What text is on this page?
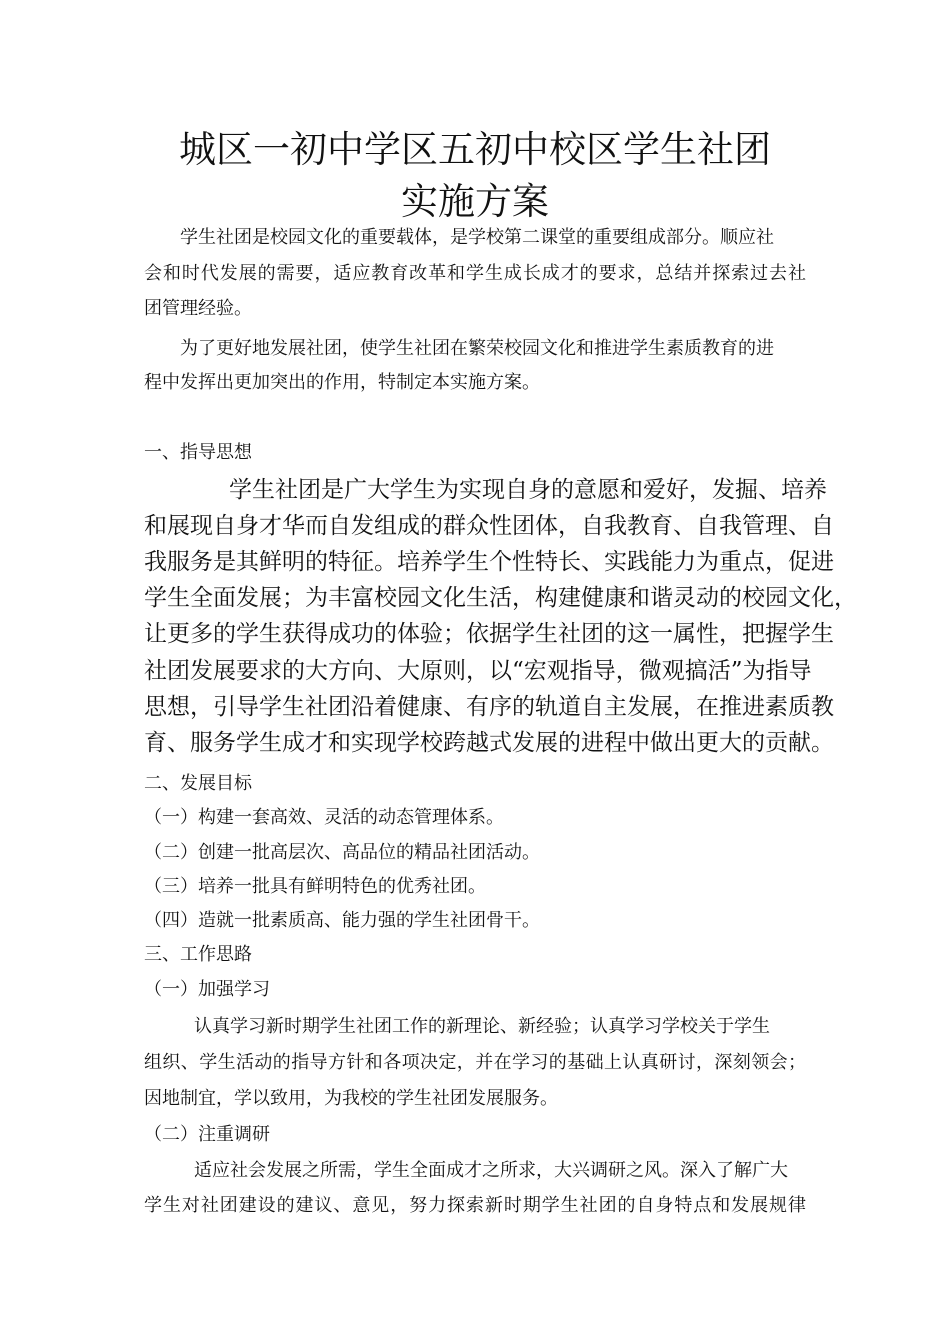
城区一初中学区五初中校区学生社团
实施方案
学生社团是校园文化的重要载体，是学校第二课堂的重要组成部分。顺应社
会和时代发展的需要，适应教育改革和学生成长成才的要求，总结并探索过去社
团管理经验。
为了更好地发展社团，使学生社团在繁荣校园文化和推进学生素质教育的进
程中发挥出更加突出的作用，特制定本实施方案。
一、指导思想
学生社团是广大学生为实现自身的意愿和爱好，发掘、培养
和展现自身才华而自发组成的群众性团体，自我教育、自我管理、自
我服务是其鲜明的特征。培养学生个性特长、实践能力为重点，促进
学生全面发展；为丰富校园文化生活，构建健康和谐灵动的校园文化，
让更多的学生获得成功的体验；依据学生社团的这一属性，把握学生
社团发展要求的大方向、大原则，以“宏观指导，微观搞活”为指导
思想，引导学生社团沿着健康、有序的轨道自主发展，在推进素质教
育、服务学生成才和实现学校跨越式发展的进程中做出更大的贡献。
二、发展目标
（一）构建一套高效、灵活的动态管理体系。
（二）创建一批高层次、高品位的精品社团活动。
（三）培养一批具有鲜明特色的优秀社团。
（四）造就一批素质高、能力强的学生社团骨干。
三、工作思路
（一）加强学习
认真学习新时期学生社团工作的新理论、新经验；认真学习学校关于学生
组织、学生活动的指导方针和各项决定，并在学习的基础上认真研讨，深刻领会；
因地制宜，学以致用，为我校的学生社团发展服务。
（二）注重调研
适应社会发展之所需，学生全面成才之所求，大兴调研之风。深入了解广大
学生对社团建设的建议、意见，努力探索新时期学生社团的自身特点和发展规律
